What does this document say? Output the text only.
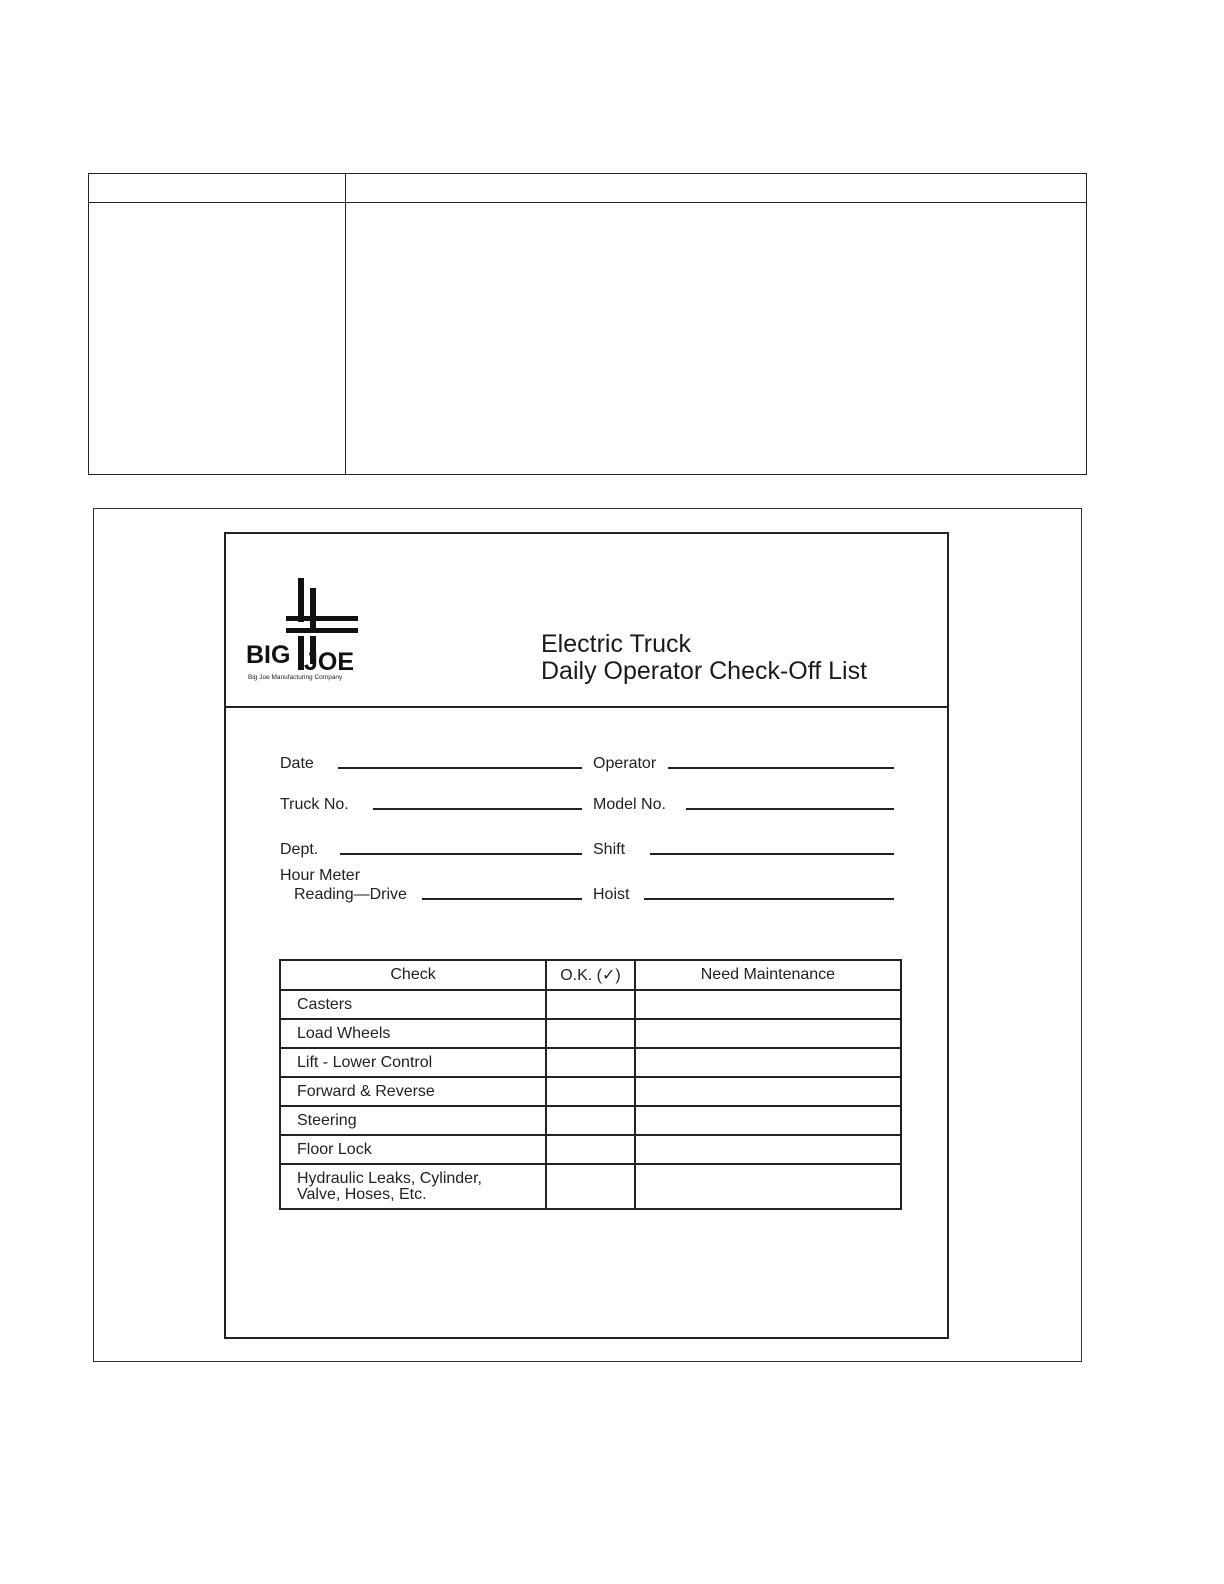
BIG JOE
Big Joe Manufacturing Company
Electric Truck
Daily Operator Check-Off List
Date	Operator
Truck No.	Model No.
Dept.	Shift
Hour Meter
Reading—Drive	Hoist
Check	O.K. (✓)	Need Maintenance
Casters		
Load Wheels		
Lift - Lower Control		
Forward & Reverse		
Steering		
Floor Lock		

Hydraulic Leaks, Cylinder,
Valve, Hoses, Etc.		
